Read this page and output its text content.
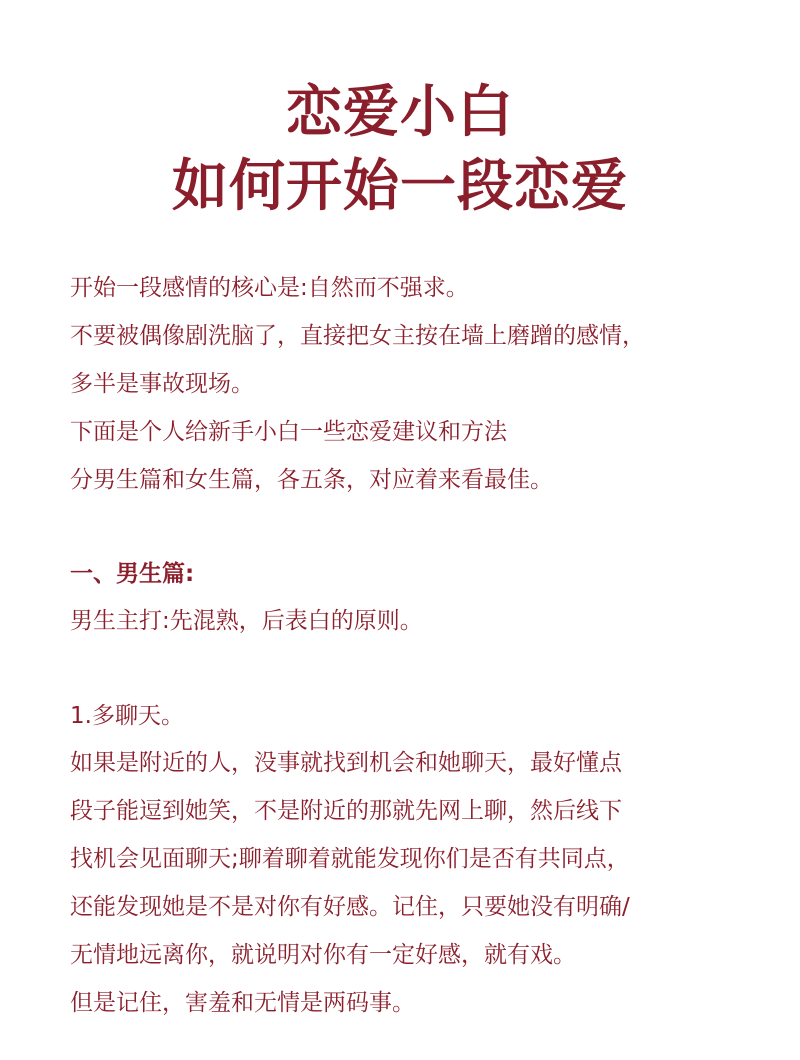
恋爱小白
如何开始一段恋爱
开始一段感情的核心是:自然而不强求。
不要被偶像剧洗脑了，直接把女主按在墙上磨蹭的感情，
多半是事故现场。
下面是个人给新手小白一些恋爱建议和方法
分男生篇和女生篇，各五条，对应着来看最佳。
一、男生篇:
男生主打:先混熟，后表白的原则。
1.多聊天。
如果是附近的人，没事就找到机会和她聊天，最好懂点
段子能逗到她笑，不是附近的那就先网上聊，然后线下
找机会见面聊天;聊着聊着就能发现你们是否有共同点，
还能发现她是不是对你有好感。记住，只要她没有明确/
无情地远离你，就说明对你有一定好感，就有戏。
但是记住，害羞和无情是两码事。
